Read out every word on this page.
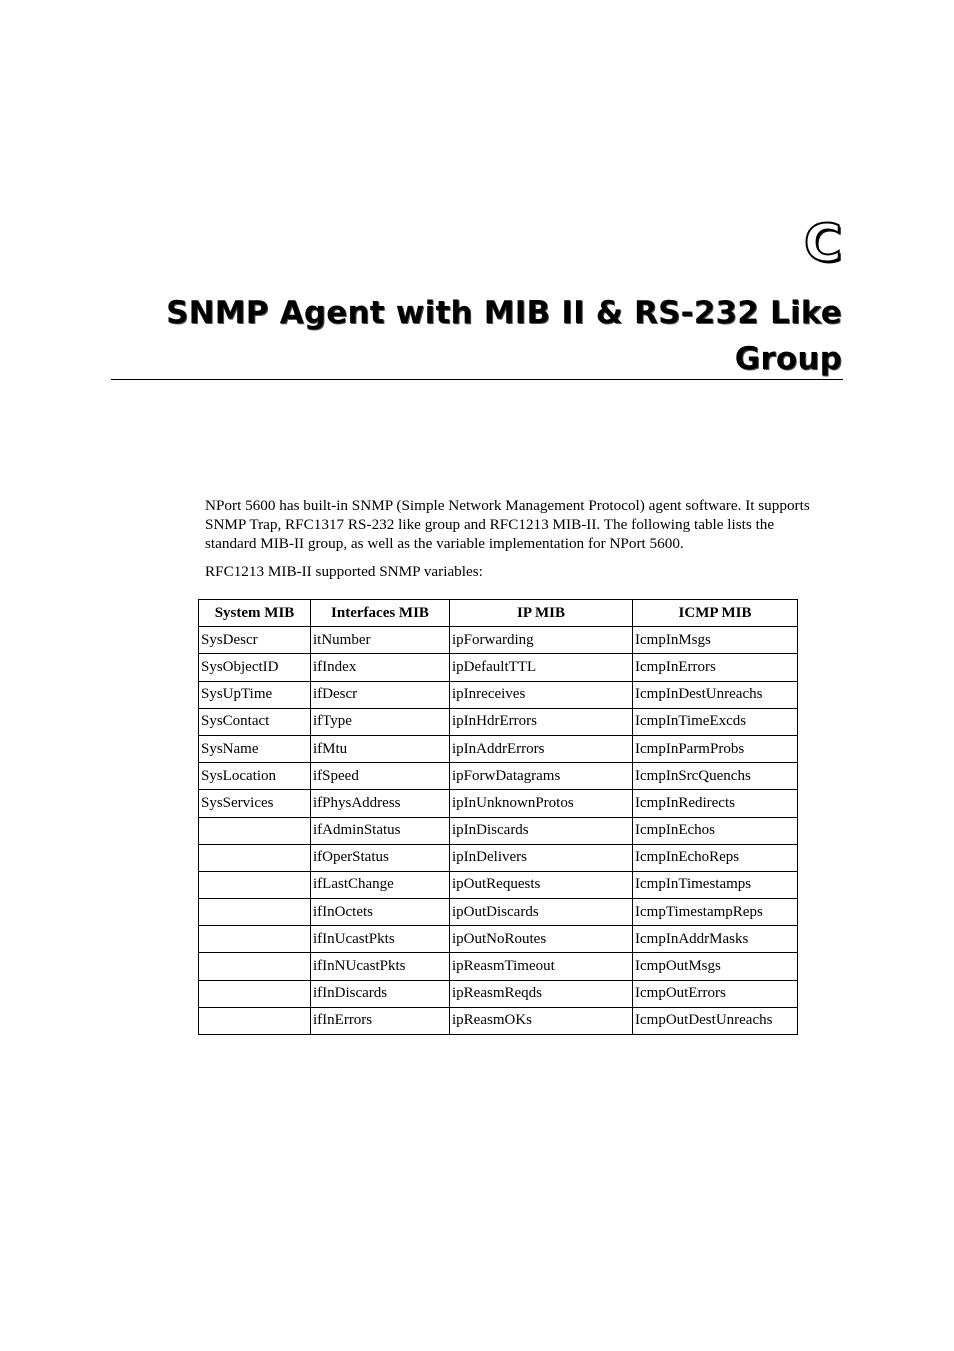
C
SNMP Agent with MIB II & RS-232 Like
Group

NPort 5600 has built-in SNMP (Simple Network Management Protocol) agent software. It supports SNMP Trap, RFC1317 RS-232 like group and RFC1213 MIB-II. The following table lists the standard MIB-II group, as well as the variable implementation for NPort 5600.

RFC1213 MIB-II supported SNMP variables:

System MIB	Interfaces MIB	IP MIB	ICMP MIB
SysDescr	itNumber	ipForwarding	IcmpInMsgs
SysObjectID	ifIndex	ipDefaultTTL	IcmpInErrors
SysUpTime	ifDescr	ipInreceives	IcmpInDestUnreachs
SysContact	ifType	ipInHdrErrors	IcmpInTimeExcds
SysName	ifMtu	ipInAddrErrors	IcmpInParmProbs
SysLocation	ifSpeed	ipForwDatagrams	IcmpInSrcQuenchs
SysServices	ifPhysAddress	ipInUnknownProtos	IcmpInRedirects
	ifAdminStatus	ipInDiscards	IcmpInEchos
	ifOperStatus	ipInDelivers	IcmpInEchoReps
	ifLastChange	ipOutRequests	IcmpInTimestamps
	ifInOctets	ipOutDiscards	IcmpTimestampReps
	ifInUcastPkts	ipOutNoRoutes	IcmpInAddrMasks
	ifInNUcastPkts	ipReasmTimeout	IcmpOutMsgs
	ifInDiscards	ipReasmReqds	IcmpOutErrors
	ifInErrors	ipReasmOKs	IcmpOutDestUnreachs
